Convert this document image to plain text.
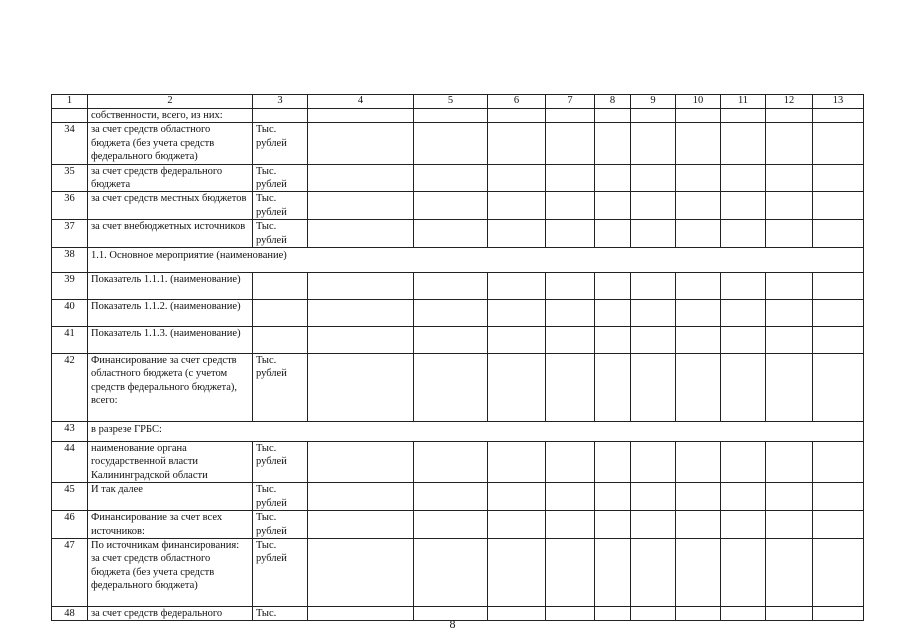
1	2	3	4	5	6	7	8	9	10	11	12	13
	собственности, всего, из них:											
34	за счет средств областного бюджета (без учета средств федерального бюджета)	Тыс. рублей										
35	за счет средств федерального бюджета	Тыс. рублей										
36	за счет средств местных бюджетов	Тыс. рублей										
37	за счет внебюджетных источников	Тыс. рублей										
38	1.1. Основное мероприятие (наименование)											
39	Показатель 1.1.1. (наименование)											
40	Показатель 1.1.2. (наименование)											
41	Показатель 1.1.3. (наименование)											
42	Финансирование за счет средств областного бюджета (с учетом средств федерального бюджета), всего:	Тыс. рублей										
43	в разрезе ГРБС:											
44	наименование органа государственной власти Калининградской области	Тыс. рублей										
45	И так далее	Тыс. рублей										
46	Финансирование за счет всех источников:	Тыс. рублей										
47	По источникам финансирования: за счет средств областного бюджета (без учета средств федерального бюджета)	Тыс. рублей										
48	за счет средств федерального	Тыс.										
8
